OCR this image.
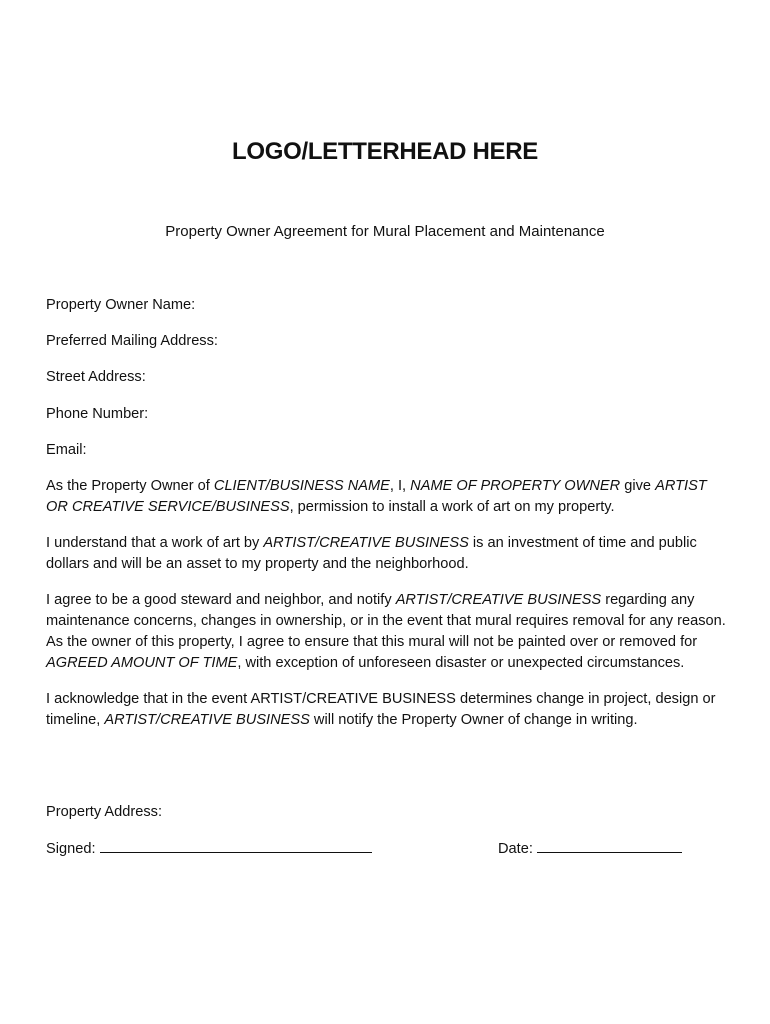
LOGO/LETTERHEAD HERE
Property Owner Agreement for Mural Placement and Maintenance
Property Owner Name:
Preferred Mailing Address:
Street Address:
Phone Number:
Email:

As the Property Owner of CLIENT/BUSINESS NAME, I, NAME OF PROPERTY OWNER give ARTIST OR CREATIVE SERVICE/BUSINESS, permission to install a work of art on my property.

I understand that a work of art by ARTIST/CREATIVE BUSINESS is an investment of time and public dollars and will be an asset to my property and the neighborhood.

I agree to be a good steward and neighbor, and notify ARTIST/CREATIVE BUSINESS regarding any maintenance concerns, changes in ownership, or in the event that mural requires removal for any reason. As the owner of this property, I agree to ensure that this mural will not be painted over or removed for AGREED AMOUNT OF TIME, with exception of unforeseen disaster or unexpected circumstances.

I acknowledge that in the event ARTIST/CREATIVE BUSINESS determines change in project, design or timeline, ARTIST/CREATIVE BUSINESS will notify the Property Owner of change in writing.

Property Address:
Signed:	Date:
